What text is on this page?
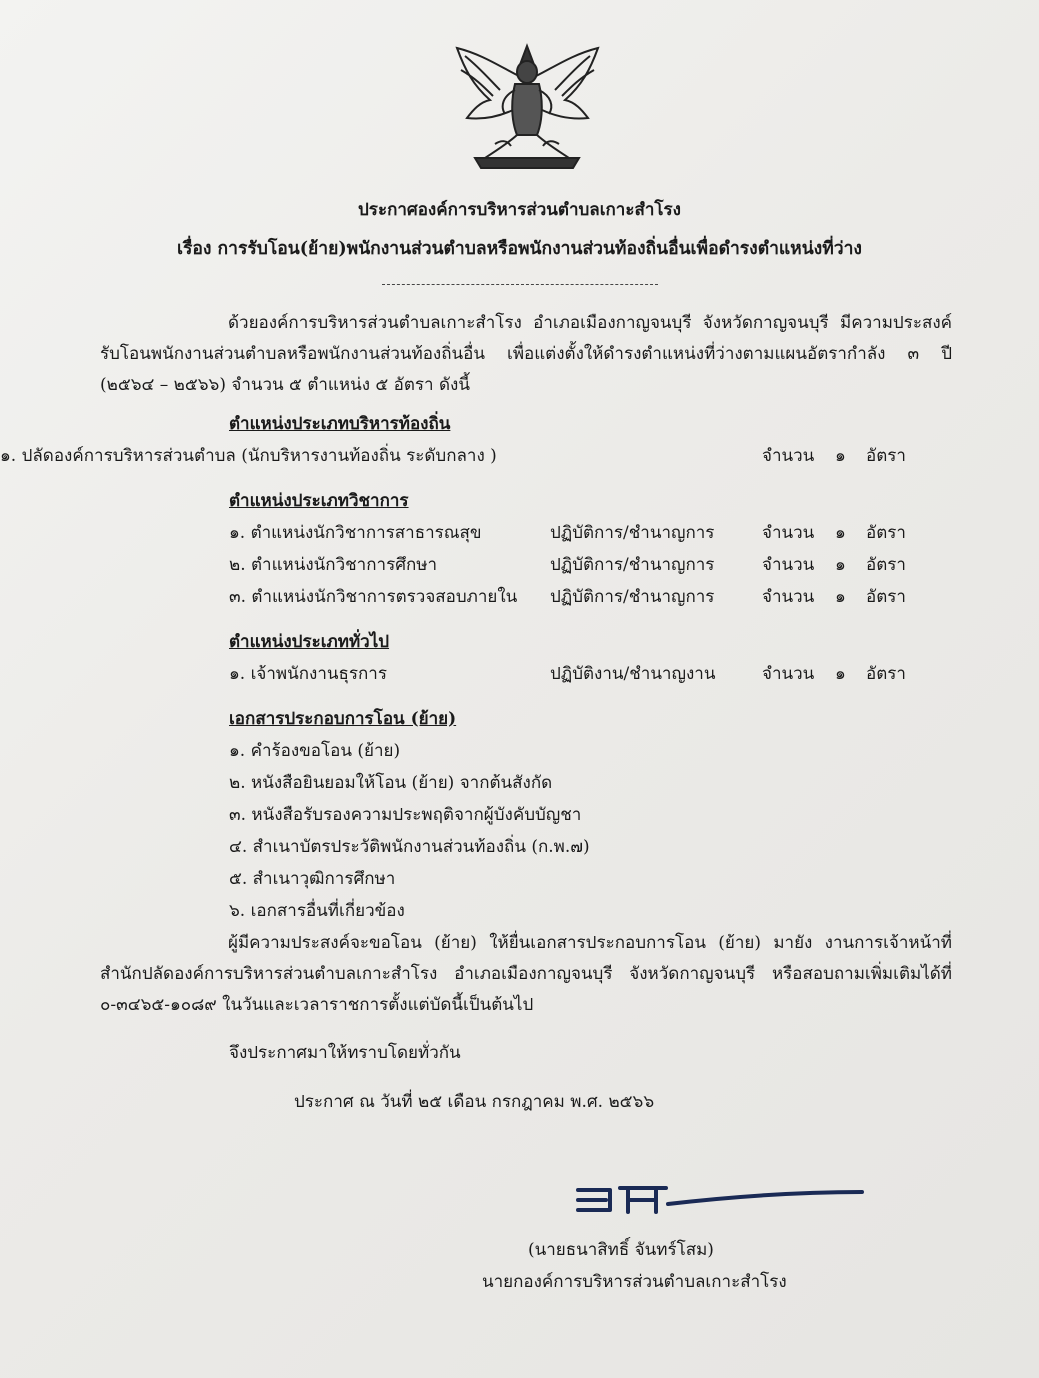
ประกาศองค์การบริหารส่วนตำบลเกาะสำโรง
เรื่อง การรับโอน(ย้าย)พนักงานส่วนตำบลหรือพนักงานส่วนท้องถิ่นอื่นเพื่อดำรงตำแหน่งที่ว่าง

ด้วยองค์การบริหารส่วนตำบลเกาะสำโรง อำเภอเมืองกาญจนบุรี จังหวัดกาญจนบุรี มีความประสงค์รับโอนพนักงานส่วนตำบลหรือพนักงานส่วนท้องถิ่นอื่น เพื่อแต่งตั้งให้ดำรงตำแหน่งที่ว่างตามแผนอัตรากำลัง ๓ ปี (๒๕๖๔ – ๒๕๖๖) จำนวน ๕ ตำแหน่ง ๕ อัตรา ดังนี้

ตำแหน่งประเภทบริหารท้องถิ่น
๑. ปลัดองค์การบริหารส่วนตำบล (นักบริหารงานท้องถิ่น ระดับกลาง )	จำนวน ๑ อัตรา
ตำแหน่งประเภทวิชาการ
๑. ตำแหน่งนักวิชาการสาธารณสุข	ปฏิบัติการ/ชำนาญการ	จำนวน ๑ อัตรา
๒. ตำแหน่งนักวิชาการศึกษา	ปฏิบัติการ/ชำนาญการ	จำนวน ๑ อัตรา
๓. ตำแหน่งนักวิชาการตรวจสอบภายใน ปฏิบัติการ/ชำนาญการ	จำนวน ๑ อัตรา
ตำแหน่งประเภททั่วไป
๑. เจ้าพนักงานธุรการ	ปฏิบัติงาน/ชำนาญงาน	จำนวน ๑ อัตรา
เอกสารประกอบการโอน (ย้าย)
๑. คำร้องขอโอน (ย้าย)
๒. หนังสือยินยอมให้โอน (ย้าย) จากต้นสังกัด
๓. หนังสือรับรองความประพฤติจากผู้บังคับบัญชา
๔. สำเนาบัตรประวัติพนักงานส่วนท้องถิ่น (ก.พ.๗)
๕. สำเนาวุฒิการศึกษา
๖. เอกสารอื่นที่เกี่ยวข้อง

ผู้มีความประสงค์จะขอโอน (ย้าย) ให้ยื่นเอกสารประกอบการโอน (ย้าย) มายัง งานการเจ้าหน้าที่ สำนักปลัดองค์การบริหารส่วนตำบลเกาะสำโรง อำเภอเมืองกาญจนบุรี จังหวัดกาญจนบุรี หรือสอบถามเพิ่มเติมได้ที่ ๐-๓๔๖๕-๑๐๘๙ ในวันและเวลาราชการตั้งแต่บัดนี้เป็นต้นไป

จึงประกาศมาให้ทราบโดยทั่วกัน
ประกาศ ณ วันที่ ๒๕ เดือน กรกฎาคม พ.ศ. ๒๕๖๖
(นายธนาสิทธิ์ จันทร์โสม)
นายกองค์การบริหารส่วนตำบลเกาะสำโรง
